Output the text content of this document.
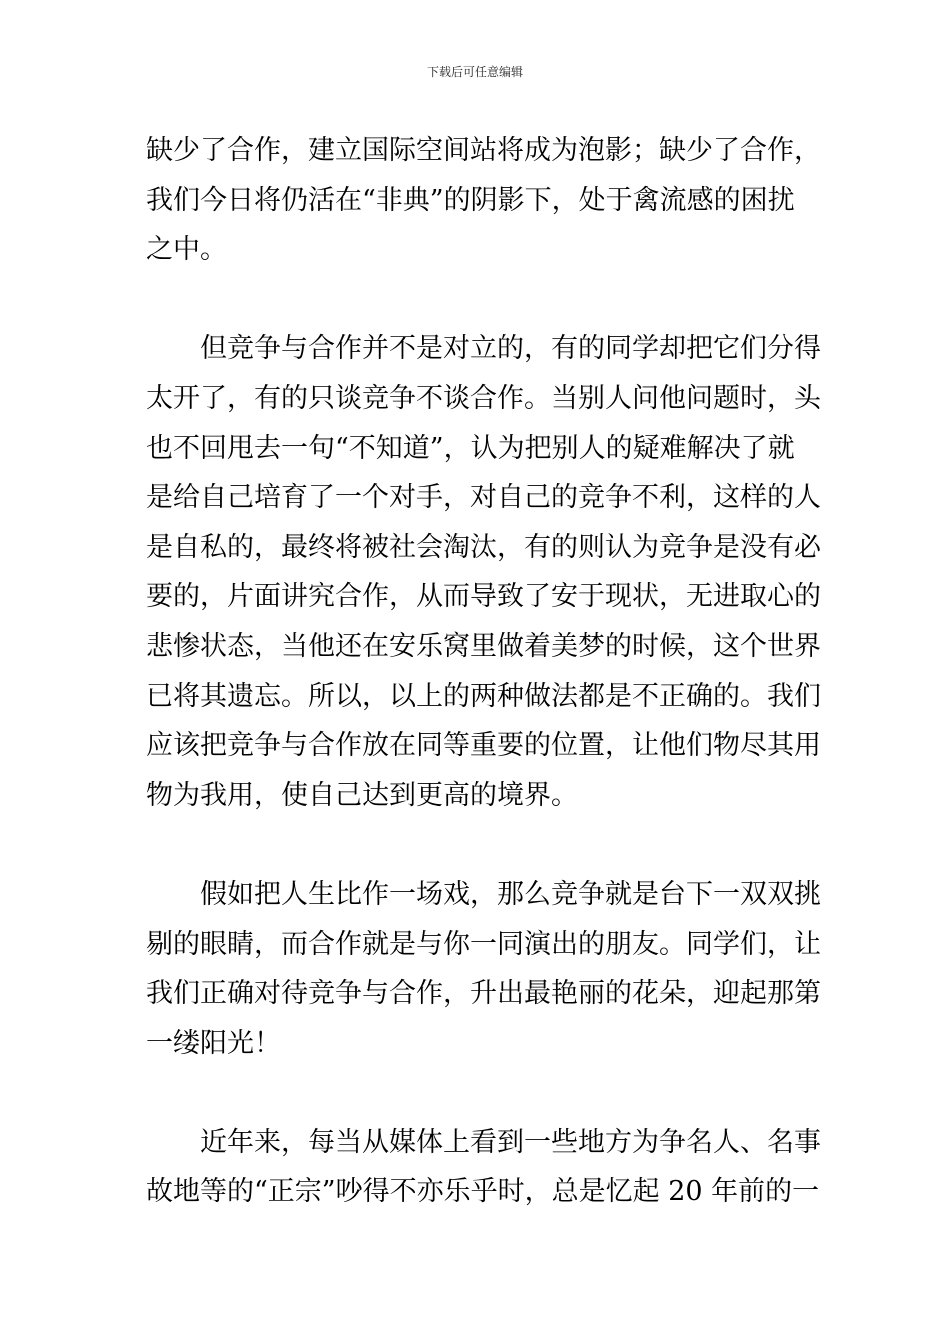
下载后可任意编辑
缺少了合作，建立国际空间站将成为泡影；缺少了合作，
我们今日将仍活在“非典”的阴影下，处于禽流感的困扰
之中。
但竞争与合作并不是对立的，有的同学却把它们分得
太开了，有的只谈竞争不谈合作。当别人问他问题时，头
也不回甩去一句“不知道”，认为把别人的疑难解决了就
是给自己培育了一个对手，对自己的竞争不利，这样的人
是自私的，最终将被社会淘汰，有的则认为竞争是没有必
要的，片面讲究合作，从而导致了安于现状，无进取心的
悲惨状态，当他还在安乐窝里做着美梦的时候，这个世界
已将其遗忘。所以，以上的两种做法都是不正确的。我们
应该把竞争与合作放在同等重要的位置，让他们物尽其用
物为我用，使自己达到更高的境界。
假如把人生比作一场戏，那么竞争就是台下一双双挑
剔的眼睛，而合作就是与你一同演出的朋友。同学们，让
我们正确对待竞争与合作，升出最艳丽的花朵，迎起那第
一缕阳光！
近年来，每当从媒体上看到一些地方为争名人、名事
故地等的“正宗”吵得不亦乐乎时，总是忆起 20 年前的一
